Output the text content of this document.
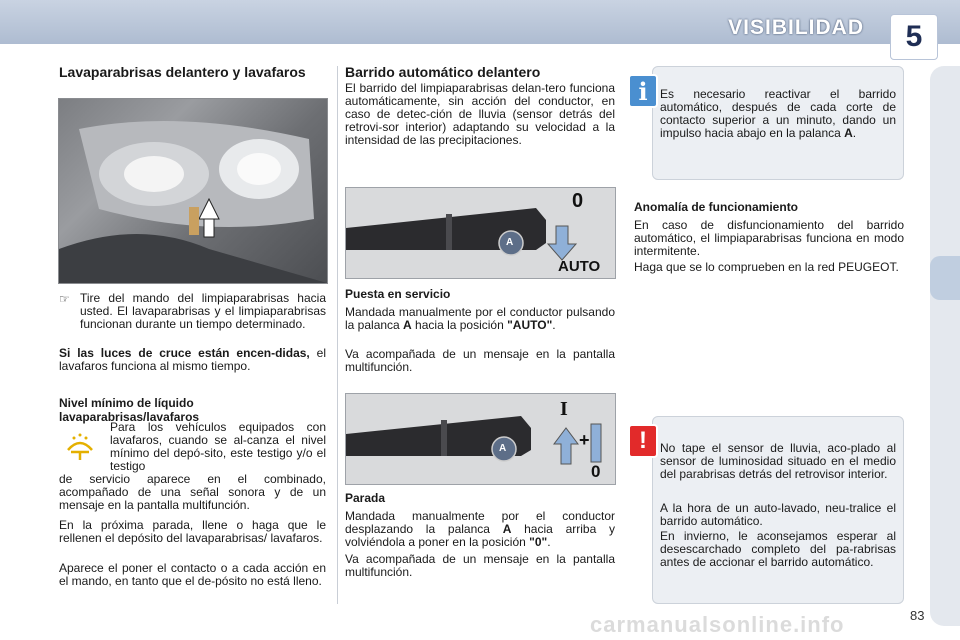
VISIBILIDAD	5
Lavaparabrisas delantero y lavafaros
☞ Tire del mando del limpiaparabrisas hacia usted. El lavaparabrisas y el limpiaparabrisas funcionan durante un tiempo determinado.

Si las luces de cruce están encen-didas, el lavafaros funciona al mismo tiempo.

Nivel mínimo de líquido lavaparabrisas/lavafaros

Para los vehículos equipados con lavafaros, cuando se al-canza el nivel mínimo del depó-sito, este testigo y/o el testigo

de servicio aparece en el combinado, acompañado de una señal sonora y de un mensaje en la pantalla multifunción.

En la próxima parada, llene o haga que le rellenen el depósito del lavaparabrisas/ lavafaros.

Aparece el poner el contacto o a cada acción en el mando, en tanto que el de-pósito no está lleno.

Barrido automático delantero

El barrido del limpiaparabrisas delan-tero funciona automáticamente, sin acción del conductor, en caso de detec-ción de lluvia (sensor detrás del retrovi-sor interior) adaptando su velocidad a la intensidad de las precipitaciones.

A
0
AUTO
Puesta en servicio

Mandada manualmente por el conductor pulsando la palanca A hacia la posición "AUTO".

Va acompañada de un mensaje en la pantalla multifunción.

+
A
I
0
Parada

Mandada manualmente por el conductor desplazando la palanca A hacia arriba y volviéndola a poner en la posición "0".

Va acompañada de un mensaje en la pantalla multifunción.

i	Es necesario reactivar el barrido automático, después de cada corte de contacto superior a un minuto, dando un impulso hacia abajo en la palanca A.

Anomalía de funcionamiento

En caso de disfuncionamiento del barrido automático, el limpiaparabrisas funciona en modo intermitente.

Haga que se lo comprueben en la red PEUGEOT.

!	No tape el sensor de lluvia, aco-plado al sensor de luminosidad situado en el medio del parabrisas detrás del retrovisor interior.

A la hora de un auto-lavado, neu-tralice el barrido automático.

En invierno, le aconsejamos esperar al desescarchado completo del pa-rabrisas antes de accionar el barrido automático.

carmanualsonline.info	83
